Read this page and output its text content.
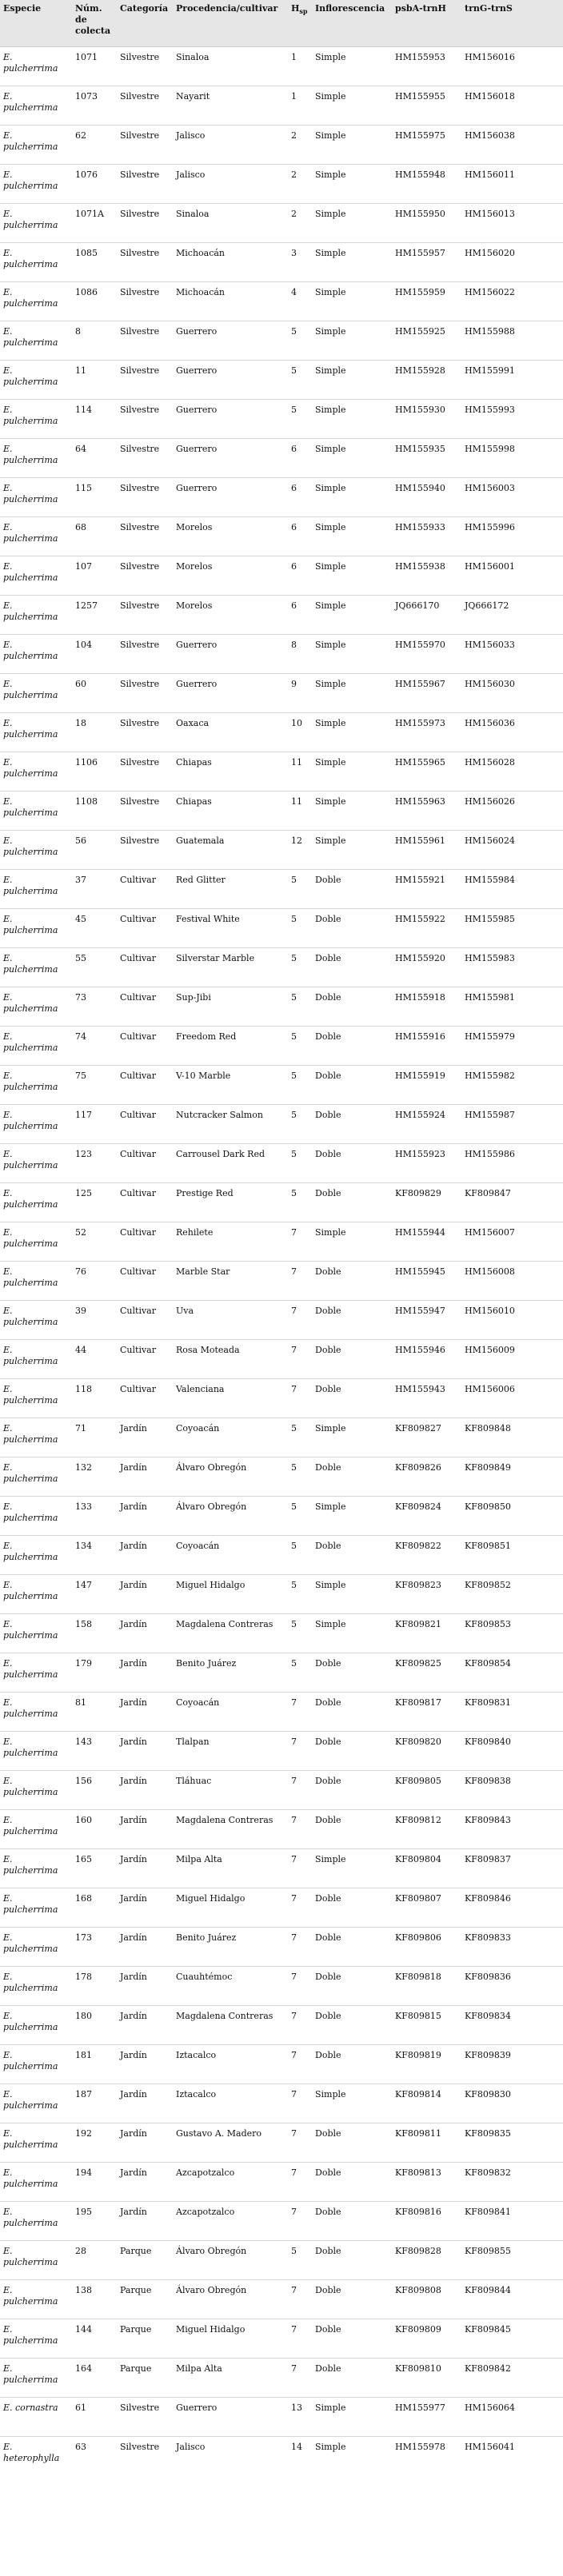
Especie	Núm. de colecta	Categoría	Procedencia/cultivar	$H_{sp}$	Inflorescencia	psbA-trnH	trnG-trnS
E. pulcherrima	1071	Silvestre	Sinaloa	1	Simple	HM155953	HM156016
E. pulcherrima	1073	Silvestre	Nayarit	1	Simple	HM155955	HM156018
E. pulcherrima	62	Silvestre	Jalisco	2	Simple	HM155975	HM156038
E. pulcherrima	1076	Silvestre	Jalisco	2	Simple	HM155948	HM156011
E. pulcherrima	1071A	Silvestre	Sinaloa	2	Simple	HM155950	HM156013
E. pulcherrima	1085	Silvestre	Michoacán	3	Simple	HM155957	HM156020
E. pulcherrima	1086	Silvestre	Michoacán	4	Simple	HM155959	HM156022
E. pulcherrima	8	Silvestre	Guerrero	5	Simple	HM155925	HM155988
E. pulcherrima	11	Silvestre	Guerrero	5	Simple	HM155928	HM155991
E. pulcherrima	114	Silvestre	Guerrero	5	Simple	HM155930	HM155993
E. pulcherrima	64	Silvestre	Guerrero	6	Simple	HM155935	HM155998
E. pulcherrima	115	Silvestre	Guerrero	6	Simple	HM155940	HM156003
E. pulcherrima	68	Silvestre	Morelos	6	Simple	HM155933	HM155996
E. pulcherrima	107	Silvestre	Morelos	6	Simple	HM155938	HM156001
E. pulcherrima	1257	Silvestre	Morelos	6	Simple	JQ666170	JQ666172
E. pulcherrima	104	Silvestre	Guerrero	8	Simple	HM155970	HM156033
E. pulcherrima	60	Silvestre	Guerrero	9	Simple	HM155967	HM156030
E. pulcherrima	18	Silvestre	Oaxaca	10	Simple	HM155973	HM156036
E. pulcherrima	1106	Silvestre	Chiapas	11	Simple	HM155965	HM156028
E. pulcherrima	1108	Silvestre	Chiapas	11	Simple	HM155963	HM156026
E. pulcherrima	56	Silvestre	Guatemala	12	Simple	HM155961	HM156024
E. pulcherrima	37	Cultivar	Red Glitter	5	Doble	HM155921	HM155984
E. pulcherrima	45	Cultivar	Festival White	5	Doble	HM155922	HM155985
E. pulcherrima	55	Cultivar	Silverstar Marble	5	Doble	HM155920	HM155983
E. pulcherrima	73	Cultivar	Sup-Jibi	5	Doble	HM155918	HM155981
E. pulcherrima	74	Cultivar	Freedom Red	5	Doble	HM155916	HM155979
E. pulcherrima	75	Cultivar	V-10 Marble	5	Doble	HM155919	HM155982
E. pulcherrima	117	Cultivar	Nutcracker Salmon	5	Doble	HM155924	HM155987
E. pulcherrima	123	Cultivar	Carrousel Dark Red	5	Doble	HM155923	HM155986
E. pulcherrima	125	Cultivar	Prestige Red	5	Doble	KF809829	KF809847
E. pulcherrima	52	Cultivar	Rehilete	7	Simple	HM155944	HM156007
E. pulcherrima	76	Cultivar	Marble Star	7	Doble	HM155945	HM156008
E. pulcherrima	39	Cultivar	Uva	7	Doble	HM155947	HM156010
E. pulcherrima	44	Cultivar	Rosa Moteada	7	Doble	HM155946	HM156009
E. pulcherrima	118	Cultivar	Valenciana	7	Doble	HM155943	HM156006
E. pulcherrima	71	Jardín	Coyoacán	5	Simple	KF809827	KF809848
E. pulcherrima	132	Jardín	Álvaro Obregón	5	Doble	KF809826	KF809849
E. pulcherrima	133	Jardín	Álvaro Obregón	5	Simple	KF809824	KF809850
E. pulcherrima	134	Jardín	Coyoacán	5	Doble	KF809822	KF809851
E. pulcherrima	147	Jardín	Miguel Hidalgo	5	Simple	KF809823	KF809852
E. pulcherrima	158	Jardín	Magdalena Contreras	5	Simple	KF809821	KF809853
E. pulcherrima	179	Jardín	Benito Juárez	5	Doble	KF809825	KF809854
E. pulcherrima	81	Jardín	Coyoacán	7	Doble	KF809817	KF809831
E. pulcherrima	143	Jardín	Tlalpan	7	Doble	KF809820	KF809840
E. pulcherrima	156	Jardín	Tláhuac	7	Doble	KF809805	KF809838
E. pulcherrima	160	Jardín	Magdalena Contreras	7	Doble	KF809812	KF809843
E. pulcherrima	165	Jardín	Milpa Alta	7	Simple	KF809804	KF809837
E. pulcherrima	168	Jardín	Miguel Hidalgo	7	Doble	KF809807	KF809846
E. pulcherrima	173	Jardín	Benito Juárez	7	Doble	KF809806	KF809833
E. pulcherrima	178	Jardín	Cuauhtémoc	7	Doble	KF809818	KF809836
E. pulcherrima	180	Jardín	Magdalena Contreras	7	Doble	KF809815	KF809834
E. pulcherrima	181	Jardín	Iztacalco	7	Doble	KF809819	KF809839
E. pulcherrima	187	Jardín	Iztacalco	7	Simple	KF809814	KF809830
E. pulcherrima	192	Jardín	Gustavo A. Madero	7	Doble	KF809811	KF809835
E. pulcherrima	194	Jardín	Azcapotzalco	7	Doble	KF809813	KF809832
E. pulcherrima	195	Jardín	Azcapotzalco	7	Doble	KF809816	KF809841
E. pulcherrima	28	Parque	Álvaro Obregón	5	Doble	KF809828	KF809855
E. pulcherrima	138	Parque	Álvaro Obregón	7	Doble	KF809808	KF809844
E. pulcherrima	144	Parque	Miguel Hidalgo	7	Doble	KF809809	KF809845
E. pulcherrima	164	Parque	Milpa Alta	7	Doble	KF809810	KF809842
E. cornastra	61	Silvestre	Guerrero	13	Simple	HM155977	HM156064
E. heterophylla	63	Silvestre	Jalisco	14	Simple	HM155978	HM156041
